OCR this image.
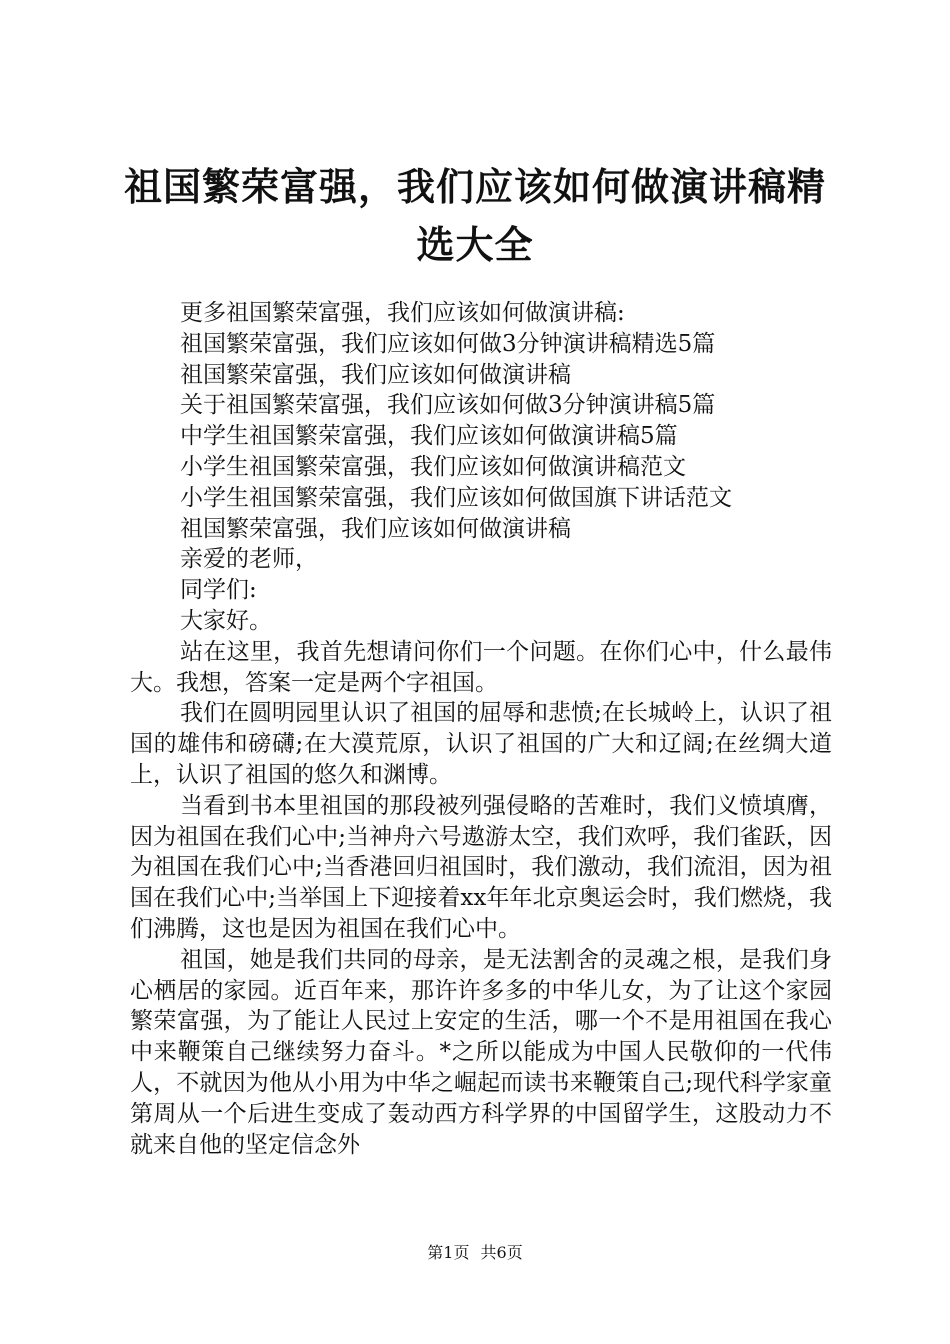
祖国繁荣富强，我们应该如何做演讲稿精选大全

更多祖国繁荣富强，我们应该如何做演讲稿:

祖国繁荣富强，我们应该如何做3分钟演讲稿精选5篇

祖国繁荣富强，我们应该如何做演讲稿

关于祖国繁荣富强，我们应该如何做3分钟演讲稿5篇

中学生祖国繁荣富强，我们应该如何做演讲稿5篇

小学生祖国繁荣富强，我们应该如何做演讲稿范文

小学生祖国繁荣富强，我们应该如何做国旗下讲话范文

祖国繁荣富强，我们应该如何做演讲稿

亲爱的老师，

同学们:

大家好。

站在这里，我首先想请问你们一个问题。在你们心中，什么最伟大。我想，答案一定是两个字祖国。

我们在圆明园里认识了祖国的屈辱和悲愤;在长城岭上，认识了祖国的雄伟和磅礴;在大漠荒原，认识了祖国的广大和辽阔;在丝绸大道上，认识了祖国的悠久和渊博。

当看到书本里祖国的那段被列强侵略的苦难时，我们义愤填膺，因为祖国在我们心中;当神舟六号遨游太空，我们欢呼，我们雀跃，因为祖国在我们心中;当香港回归祖国时，我们激动，我们流泪，因为祖国在我们心中;当举国上下迎接着xx年年北京奥运会时，我们燃烧，我们沸腾，这也是因为祖国在我们心中。

祖国，她是我们共同的母亲，是无法割舍的灵魂之根，是我们身心栖居的家园。近百年来，那许许多多的中华儿女，为了让这个家园繁荣富强，为了能让人民过上安定的生活，哪一个不是用祖国在我心中来鞭策自己继续努力奋斗。*之所以能成为中国人民敬仰的一代伟人，不就因为他从小用为中华之崛起而读书来鞭策自己;现代科学家童第周从一个后进生变成了轰动西方科学界的中国留学生，这股动力不就来自他的坚定信念外

第1页 共6页
